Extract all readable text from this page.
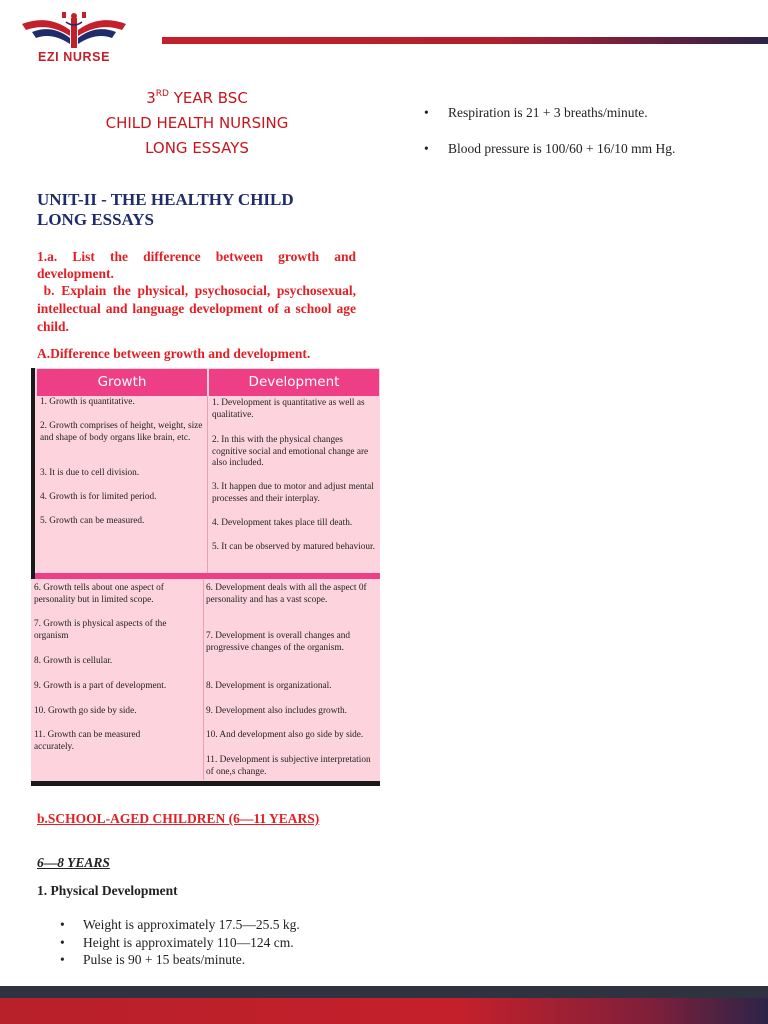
EZI NURSE
3RD YEAR BSC
CHILD HEALTH NURSING
LONG ESSAYS
UNIT-II - THE HEALTHY CHILD
LONG ESSAYS

1.a. List the difference between growth and development.

b. Explain the physical, psychosocial, psychosexual, intellectual and language development of a school age child.

A.Difference between growth and development.
Growth	Development
1. Growth is quantitative.
2. Growth comprises of height, weight, size and shape of body organs like brain, etc.
3. It is due to cell division.
4. Growth is for limited period.
5. Growth can be measured.
1. Development is quantitative as well as qualitative.
2. In this with the physical changes cognitive social and emotional change are also included.
3. It happen due to motor and adjust mental processes and their interplay.
4. Development takes place till death.
5. It can be observed by matured behaviour.
6. Growth tells about one aspect of personality but in limited scope.
7. Growth is physical aspects of the organism
8. Growth is cellular.
9. Growth is a part of development.
10. Growth go side by side.
11. Growth can be measured accurately.
6. Development deals with all the aspect 0f personality and has a vast scope.
7. Development is overall changes and progressive changes of the organism.
8. Development is organizational.
9. Development also includes growth.
10. And development also go side by side.
11. Development is subjective interpretation of one,s change.
b.SCHOOL-AGED CHILDREN (6—11 YEARS)
6—8 YEARS
1. Physical Development
• Weight is approximately 17.5—25.5 kg.
• Height is approximately 110—124 cm.
• Pulse is 90 + 15 beats/minute.
• Respiration is 21 + 3 breaths/minute.
• Blood pressure is 100/60 + 16/10 mm Hg.
